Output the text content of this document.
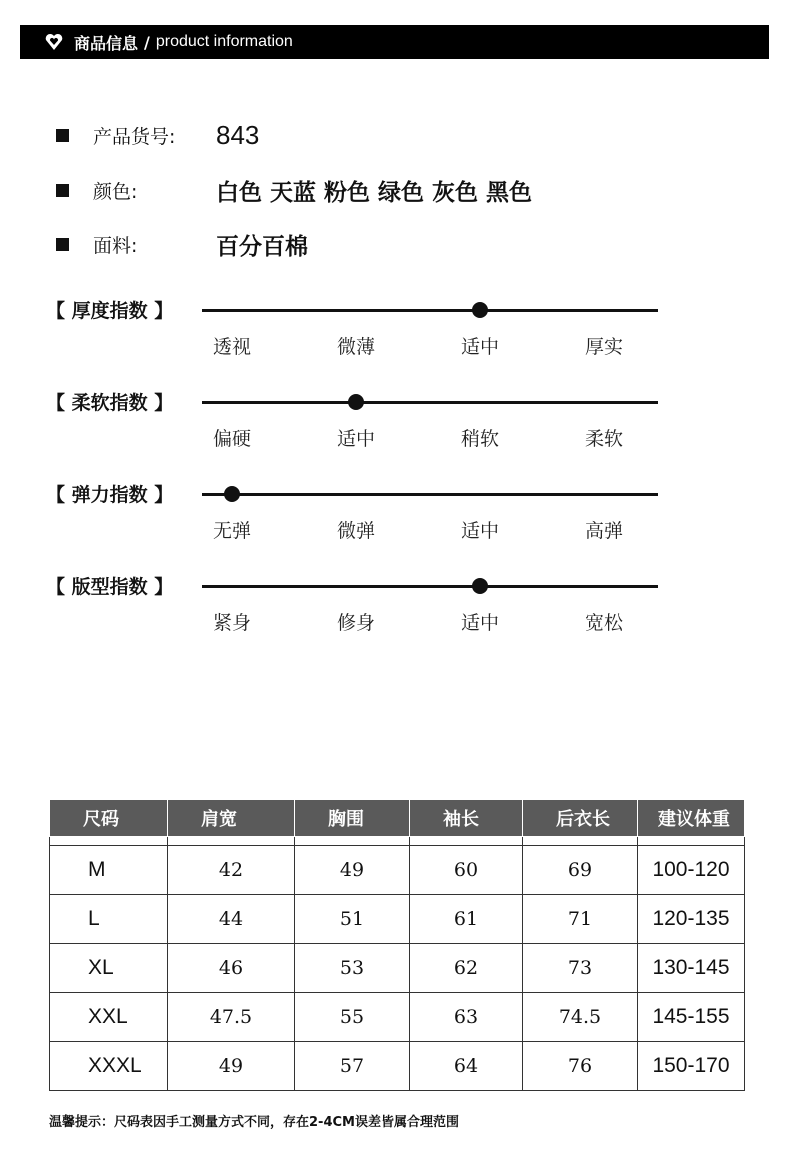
商品信息 / product information
产品货号:	843
颜色:	白色 天蓝 粉色 绿色 灰色 黑色
面料:	百分百棉
【 厚度指数 】
透视	微薄	适中	厚实
【 柔软指数 】
偏硬	适中	稍软	柔软
【 弹力指数 】
无弹	微弹	适中	高弹
【 版型指数 】
紧身	修身	适中	宽松
尺码	肩宽	胸围	袖长	后衣长	建议体重

M	42	49	60	69	100-120
L	44	51	61	71	120-135
XL	46	53	62	73	130-145
XXL	47.5	55	63	74.5	145-155
XXXL	49	57	64	76	150-170
温馨提示：尺码表因手工测量方式不同，存在2-4CM误差皆属合理范围
